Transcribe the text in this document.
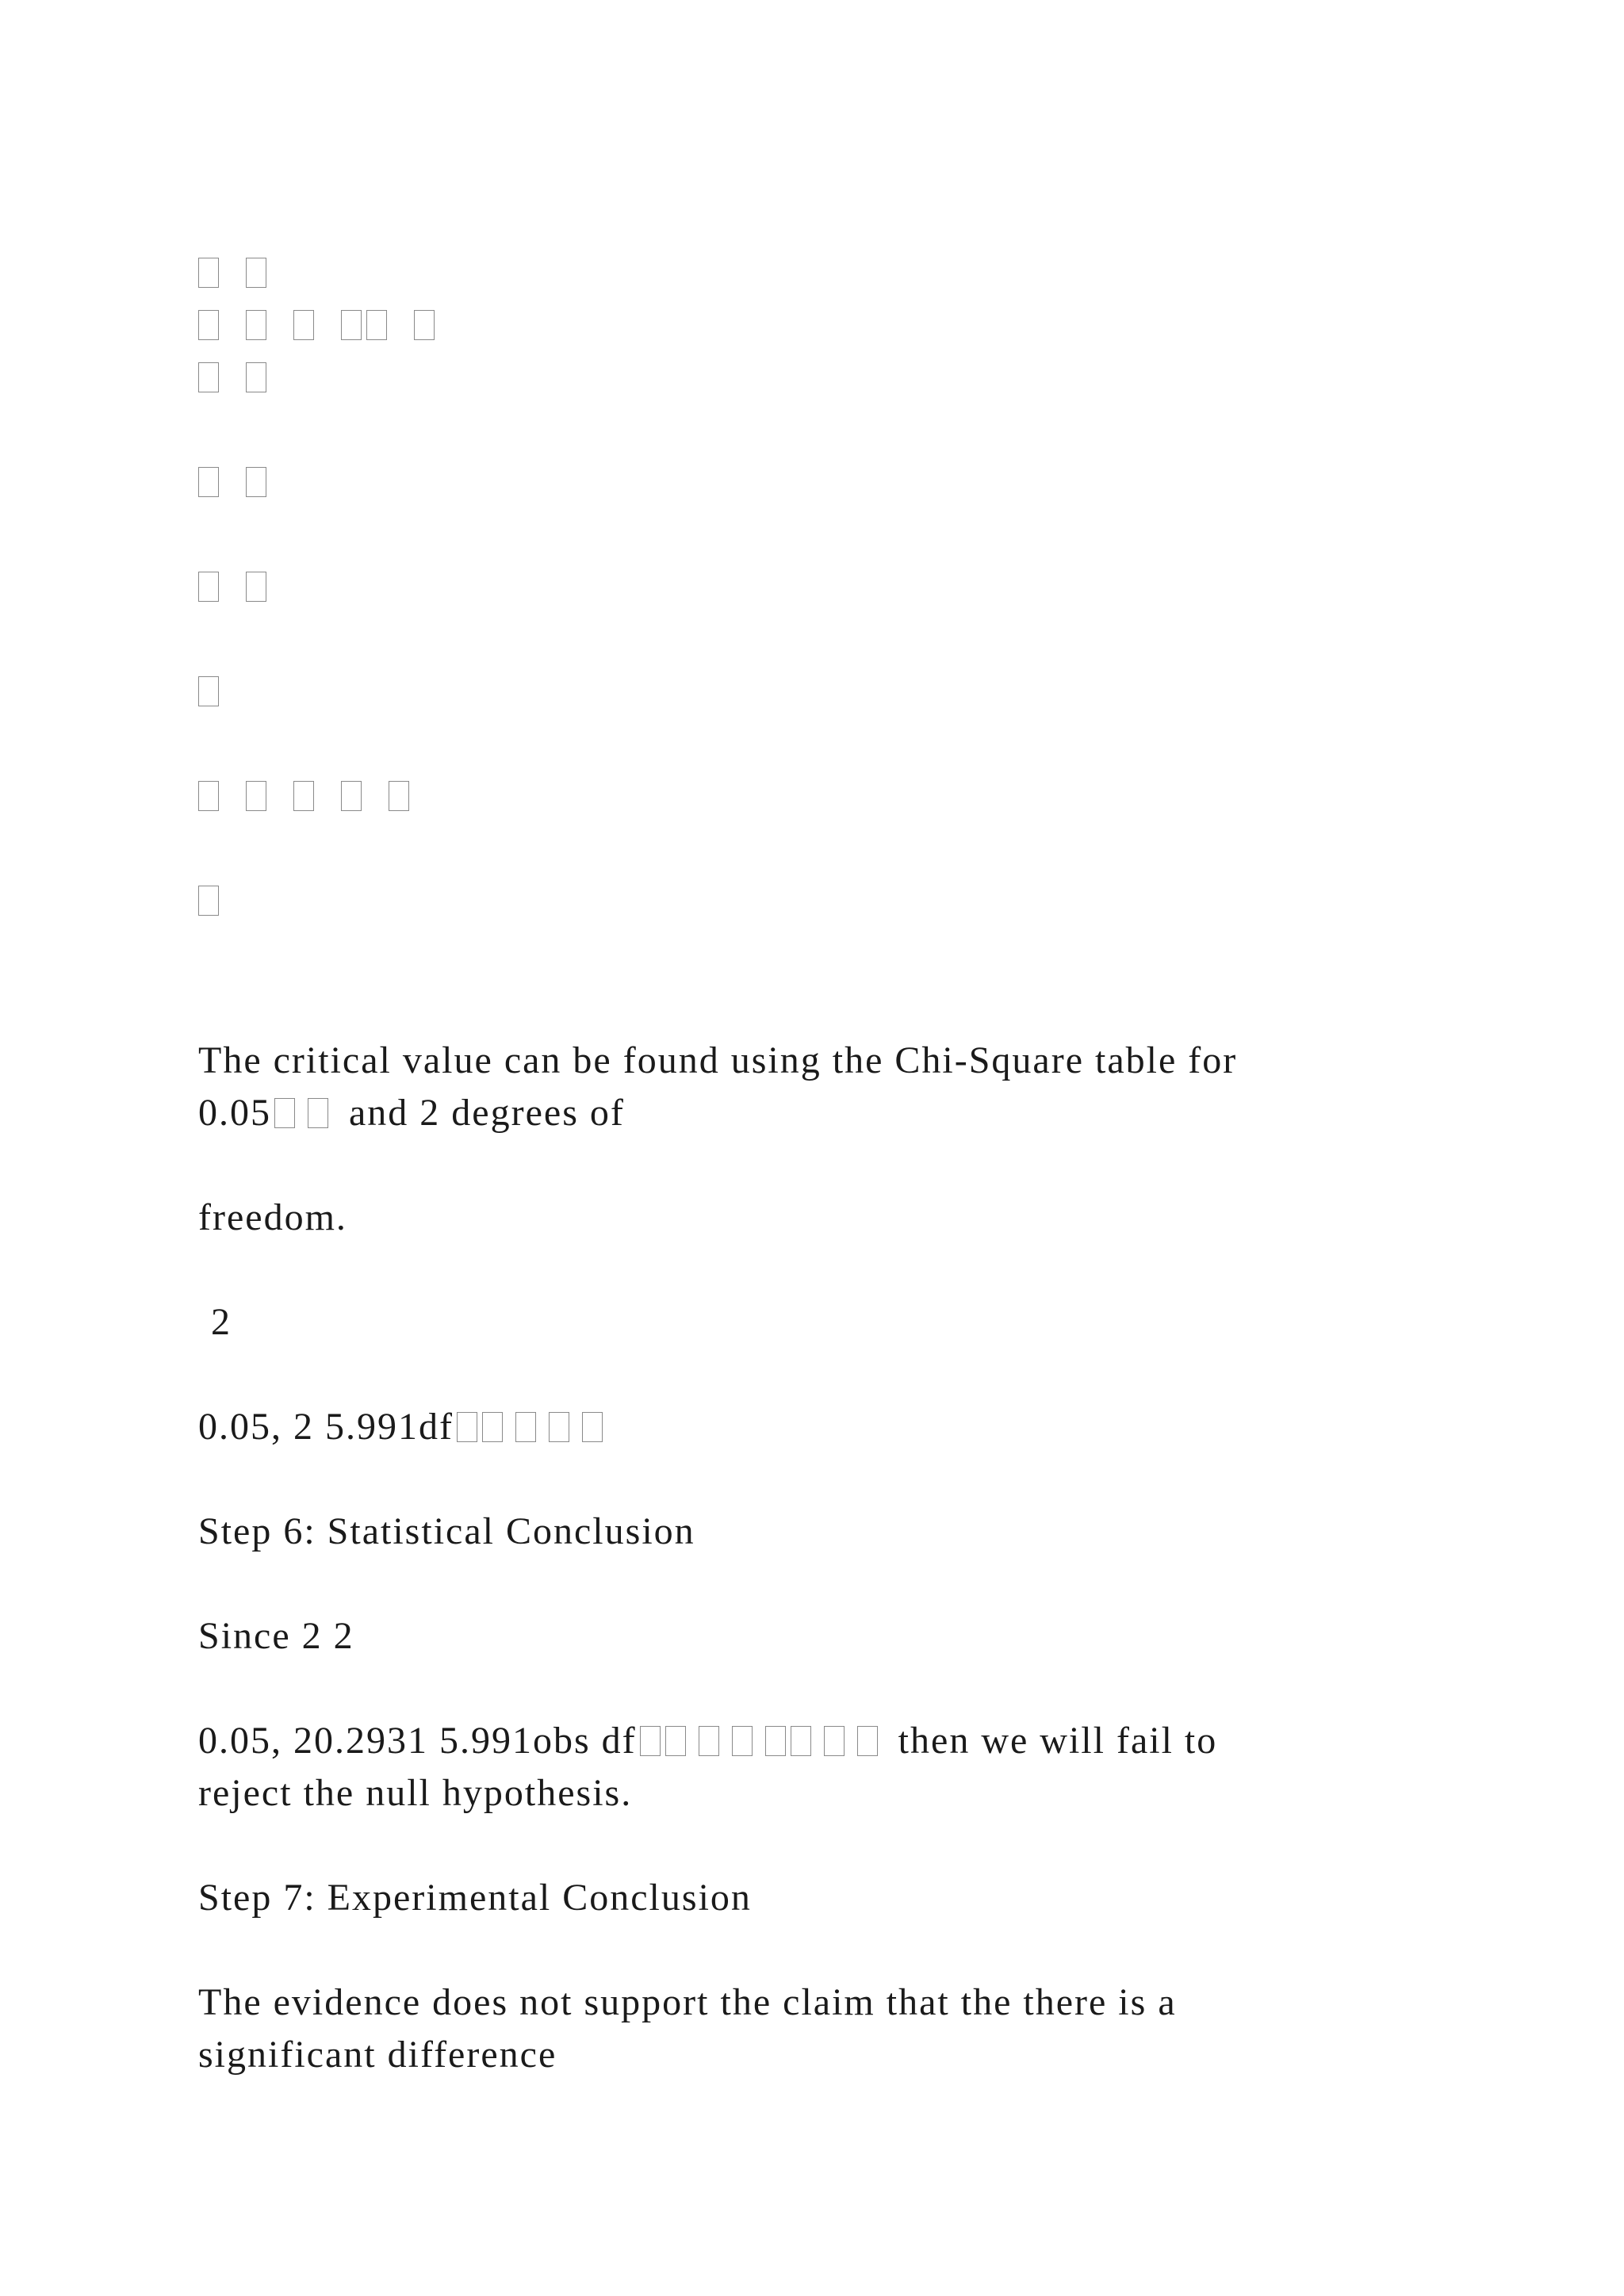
The critical value can be found using the Chi-Square table for

0.05 and 2 degrees of

freedom.

2

0.05, 2 5.991df

Step 6: Statistical Conclusion

Since 2 2

0.05, 20.2931 5.991obs df	then we will fail to

reject the null hypothesis.

Step 7: Experimental Conclusion

The evidence does not support the claim that the there is a

significant difference
